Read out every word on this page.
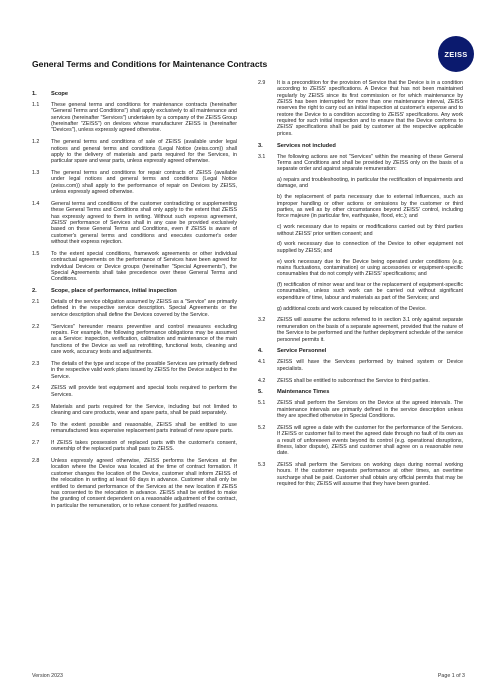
ZEISS
General Terms and Conditions for Maintenance Contracts
1.	Scope
1.1	These general terms and conditions for maintenance contracts (hereinafter "General Terms and Conditions") shall apply exclusively to all maintenance and services (hereinafter "Services") undertaken by a company of the ZEISS Group (hereinafter "ZEISS") on devices whose manufacturer ZEISS is (hereinafter "Devices"), unless expressly agreed otherwise.

1.2	The general terms and conditions of sale of ZEISS (available under legal notices and general terms and conditions (Legal Notice (zeiss.com)) shall apply to the delivery of materials and parts required for the Services, in particular spare and wear parts, unless expressly agreed otherwise.

1.3	The general terms and conditions for repair contracts of ZEISS (available under legal notices and general terms and conditions (Legal Notice (zeiss.com)) shall apply to the performance of repair on Devices by ZEISS, unless expressly agreed otherwise.

1.4	General terms and conditions of the customer contradicting or supplementing these General Terms and Conditions shall only apply to the extent that ZEISS has expressly agreed to them in writing. Without such express agreement, ZEISS' performance of Services shall in any case be provided exclusively based on these General Terms and Conditions, even if ZEISS is aware of customer's general terms and conditions and executes customer's order without their express rejection.

1.5	To the extent special conditions, framework agreements or other individual contractual agreements on the performance of Services have been agreed for individual Devices or Device groups (hereinafter "Special Agreements"), the Special Agreements shall take precedence over these General Terms and Conditions.

2.	Scope, place of performance, initial inspection
2.1	Details of the service obligation assumed by ZEISS as a "Service" are primarily defined in the respective service description. Special Agreements or the service description shall define the Devices covered by the Service.

2.2	"Services" hereunder means preventive and control measures excluding repairs. For example, the following performance obligations may be assumed as a Service: inspection, verification, calibration and maintenance of the main functions of the Device as well as retrofitting, functional tests, cleaning and care work, accuracy tests and adjustments.

2.3	The details of the type and scope of the possible Services are primarily defined in the respective valid work plans issued by ZEISS for the Device subject to the Service.

2.4	ZEISS will provide test equipment and special tools required to perform the Services.

2.5	Materials and parts required for the Service, including but not limited to cleaning and care products, wear and spare parts, shall be paid separately.

2.6	To the extent possible and reasonable, ZEISS shall be entitled to use remanufactured less expensive replacement parts instead of new spare parts.

2.7	If ZEISS takes possession of replaced parts with the customer's consent, ownership of the replaced parts shall pass to ZEISS.

2.8	Unless expressly agreed otherwise, ZEISS performs the Services at the location where the Device was located at the time of contract formation. If customer changes the location of the Device, customer shall inform ZEISS of the relocation in writing at least 60 days in advance. Customer shall only be entitled to demand performance of the Services at the new location if ZEISS has consented to the relocation in advance. ZEISS shall be entitled to make the granting of consent dependent on a reasonable adjustment of the contract, in particular the remuneration, or to refuse consent for justified reasons.

2.9	It is a precondition for the provision of Service that the Device is in a condition according to ZEISS' specifications. A Device that has not been maintained regularly by ZEISS since its first commission or for which maintenance by ZEISS has been interrupted for more than one maintenance interval, ZEISS reserves the right to carry out an initial inspection at customer's expense and to restore the Device to a condition according to ZEISS' specifications. Any work required for such initial inspection and to ensure that the Device conforms to ZEISS' specifications shall be paid by customer at the respective applicable prices.

3.	Services not included
3.1	The following actions are not "Services" within the meaning of these General Terms and Conditions and shall be provided by ZEISS only on the basis of a separate order and against separate remuneration:

a) repairs and troubleshooting, in particular the rectification of impairments and damage, and

b) the replacement of parts necessary due to external influences, such as improper handling or other actions or omissions by the customer or third parties, as well as by other circumstances beyond ZEISS' control, including force majeure (in particular fire, earthquake, flood, etc.); and

c) work necessary due to repairs or modifications carried out by third parties without ZEISS' prior written consent; and

d) work necessary due to connection of the Device to other equipment not supplied by ZEISS; and

e) work necessary due to the Device being operated under conditions (e.g. mains fluctuations, contamination) or using accessories or equipment-specific consumables that do not comply with ZEISS' specifications; and

(f) rectification of minor wear and tear or the replacement of equipment-specific consumables, unless such work can be carried out without significant expenditure of time, labour and materials as part of the Services; and

g) additional costs and work caused by relocation of the Device.

3.2	ZEISS will assume the actions referred to in section 3.1 only against separate remuneration on the basis of a separate agreement, provided that the nature of the Service to be performed and the further deployment schedule of the service personnel permits it.

4.	Service Personnel
4.1	ZEISS will have the Services performed by trained system or Device specialists.

4.2	ZEISS shall be entitled to subcontract the Service to third parties.

5.	Maintenance Times
5.1	ZEISS shall perform the Services on the Device at the agreed intervals. The maintenance intervals are primarily defined in the service description unless they are specified otherwise in Special Conditions.

5.2	ZEISS will agree a date with the customer for the performance of the Services. If ZEISS or customer fail to meet the agreed date through no fault of its own as a result of unforeseen events beyond its control (e.g. operational disruptions, illness, labor dispute), ZEISS and customer shall agree on a reasonable new date.

5.3	ZEISS shall perform the Services on working days during normal working hours. If the customer requests performance at other times, an overtime surcharge shall be paid. Customer shall obtain any official permits that may be required for this; ZEISS will assume that they have been granted.

Version 2023	Page 1 of 3
